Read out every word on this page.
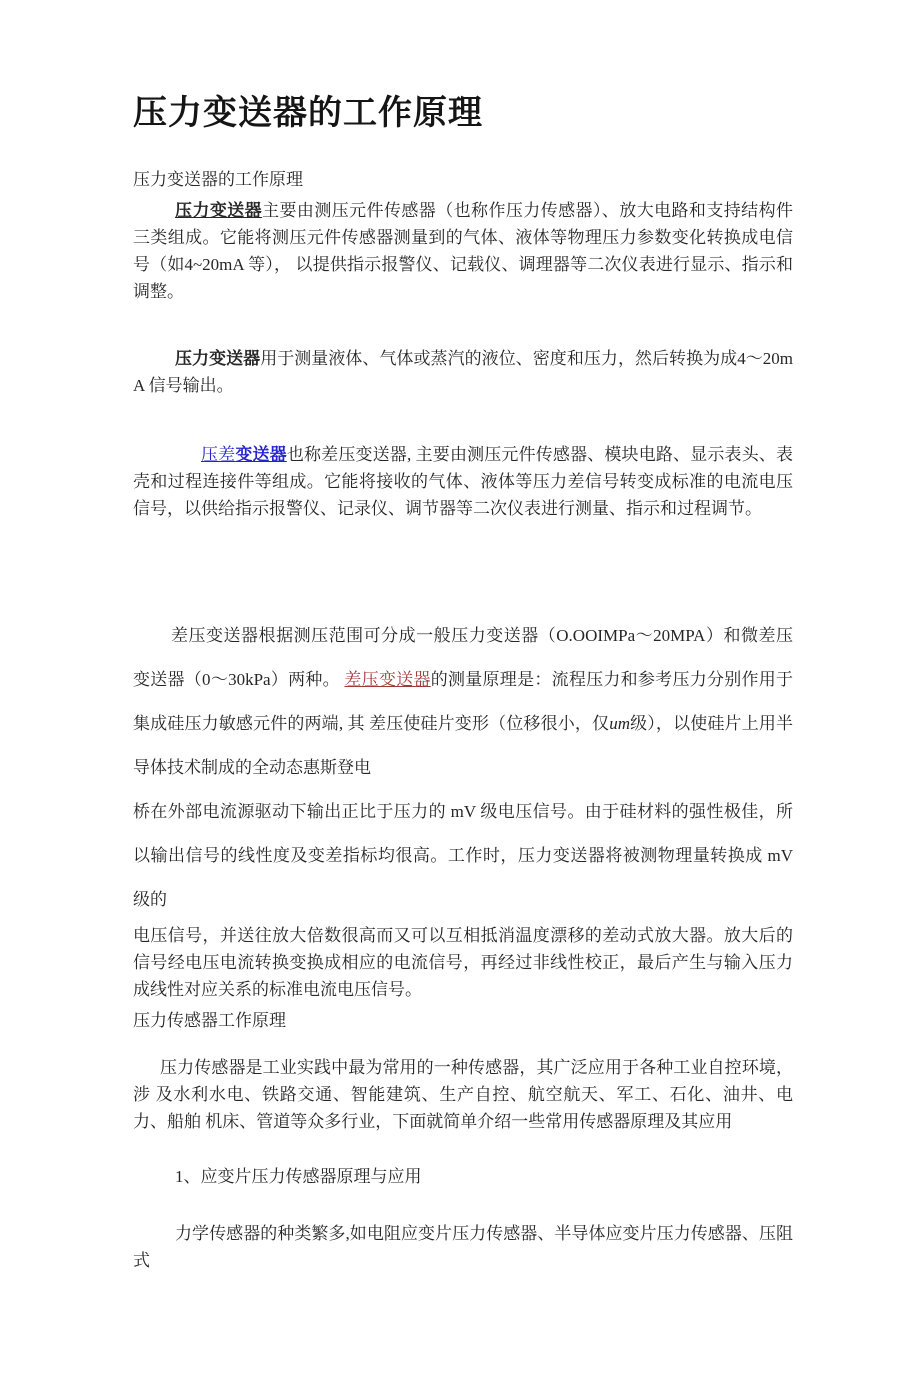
压力变送器的工作原理

压力变送器的工作原理

压力变送器主要由测压元件传感器（也称作压力传感器）、放大电路和支持结构件三类组成。它能将测压元件传感器测量到的气体、液体等物理压力参数变化转换成电信号（如4~20mA 等）， 以提供指示报警仪、记载仪、调理器等二次仪表进行显示、指示和调整。

压力变送器用于测量液体、气体或蒸汽的液位、密度和压力，然后转换为成4～20mA 信号输出。

压差变送器也称差压变送器, 主要由测压元件传感器、模块电路、显示表头、表壳和过程连接件等组成。它能将接收的气体、液体等压力差信号转变成标准的电流电压信号，以供给指示报警仪、记录仪、调节器等二次仪表进行测量、指示和过程调节。

差压变送器根据测压范围可分成一般压力变送器（O.OOIMPa～20MPA）和微差压变送器（0～30kPa）两种。 差压变送器的测量原理是：流程压力和参考压力分别作用于集成硅压力敏感元件的两端, 其 差压使硅片变形（位移很小，仅um级），以使硅片上用半导体技术制成的全动态惠斯登电

桥在外部电流源驱动下输出正比于压力的 mV 级电压信号。由于硅材料的强性极佳，所以输出信号的线性度及变差指标均很高。工作时，压力变送器将被测物理量转换成 mV 级的

电压信号，并送往放大倍数很高而又可以互相抵消温度漂移的差动式放大器。放大后的信号经电压电流转换变换成相应的电流信号，再经过非线性校正，最后产生与输入压力成线性对应关系的标准电流电压信号。

压力传感器工作原理

压力传感器是工业实践中最为常用的一种传感器，其广泛应用于各种工业自控环境，涉 及水利水电、铁路交通、智能建筑、生产自控、航空航天、军工、石化、油井、电力、船舶 机床、管道等众多行业，下面就简单介绍一些常用传感器原理及其应用

1、应变片压力传感器原理与应用

力学传感器的种类繁多,如电阻应变片压力传感器、半导体应变片压力传感器、压阻式
